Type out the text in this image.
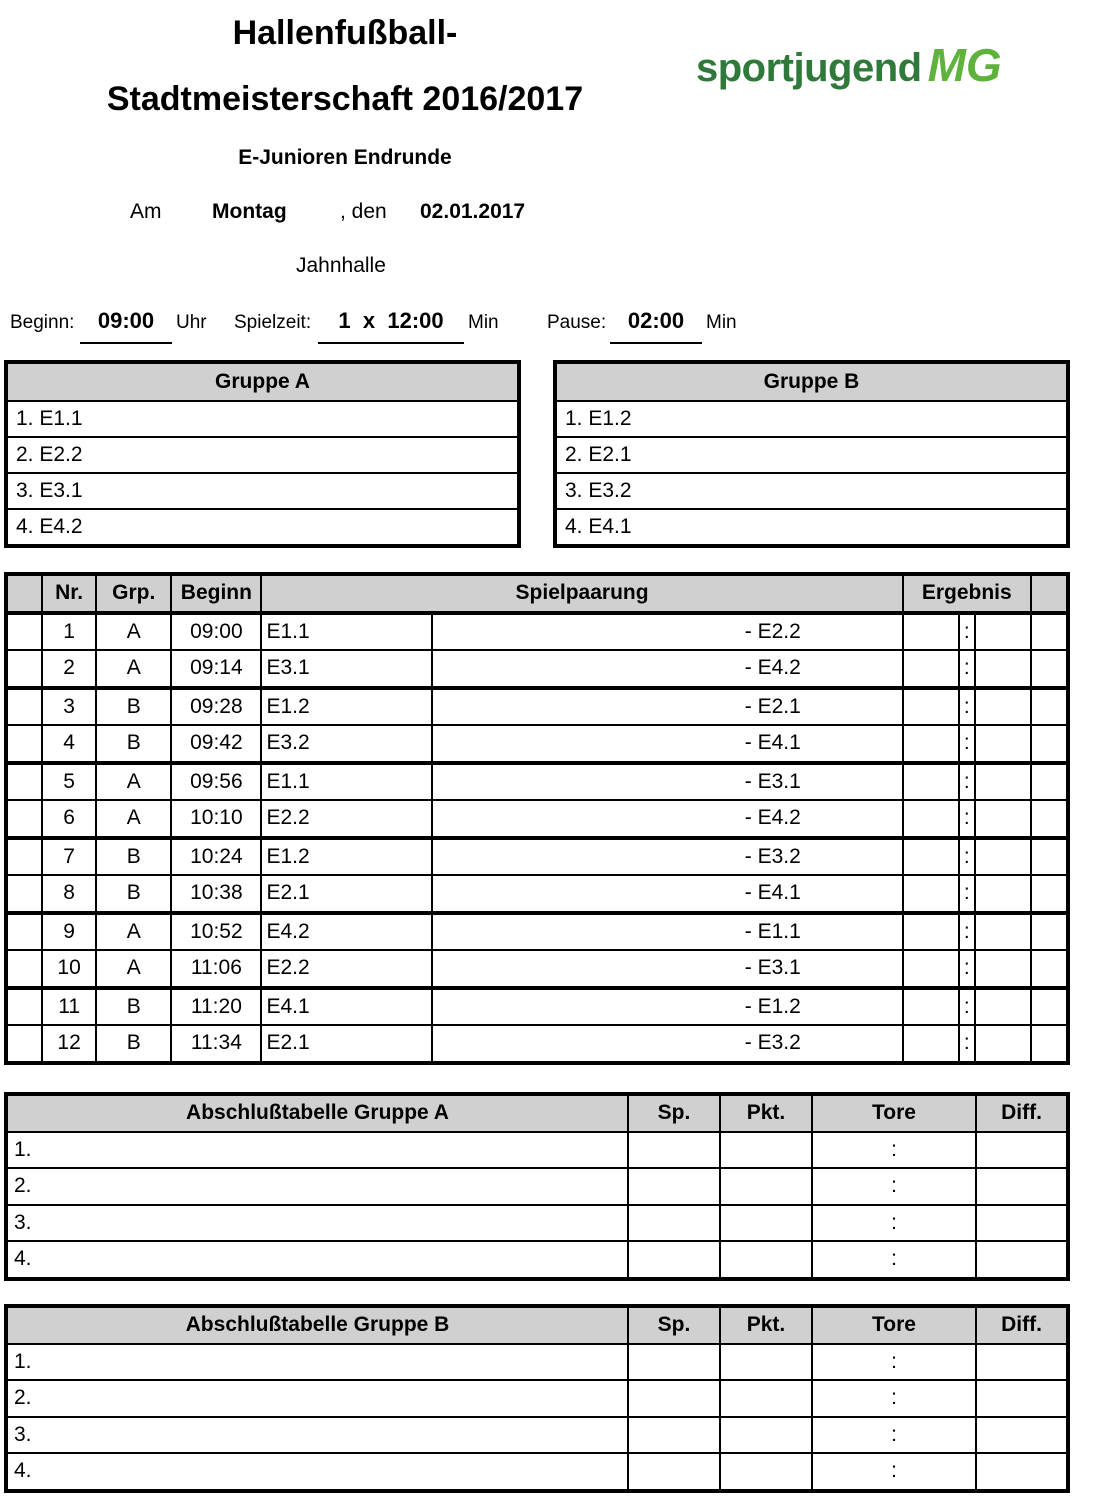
Hallenfußball-
Stadtmeisterschaft 2016/2017
E-Junioren Endrunde
sportjugend MG
Am Montag	, den 02.01.2017
Jahnhalle
Beginn:	09:00	Uhr Spielzeit:	1 x 12:00	Min	Pause: 02:00	Min
Gruppe A
1. E1.1
2. E2.2
3. E3.1
4. E4.2
Gruppe B
1. E1.2
2. E2.1
3. E3.2
4. E4.1
	Nr.	Grp.	Beginn	Spielpaarung		Ergebnis			
	1	A	09:00	E1.1	- E2.2		:		
	2	A	09:14	E3.1	- E4.2		:		
	3	B	09:28	E1.2	- E2.1		:		
	4	B	09:42	E3.2	- E4.1		:		
	5	A	09:56	E1.1	- E3.1		:		
	6	A	10:10	E2.2	- E4.2		:		
	7	B	10:24	E1.2	- E3.2		:		
	8	B	10:38	E2.1	- E4.1		:		
	9	A	10:52	E4.2	- E1.1		:		
	10	A	11:06	E2.2	- E3.1		:		
	11	B	11:20	E4.1	- E1.2		:		
	12	B	11:34	E2.1	- E3.2		:		
Abschlußtabelle Gruppe A	Sp.	Pkt.	Tore	Diff.
1.			:	
2.			:	
3.			:	
4.			:	
Abschlußtabelle Gruppe B	Sp.	Pkt.	Tore	Diff.
1.			:	
2.			:	
3.			:	
4.			:	
